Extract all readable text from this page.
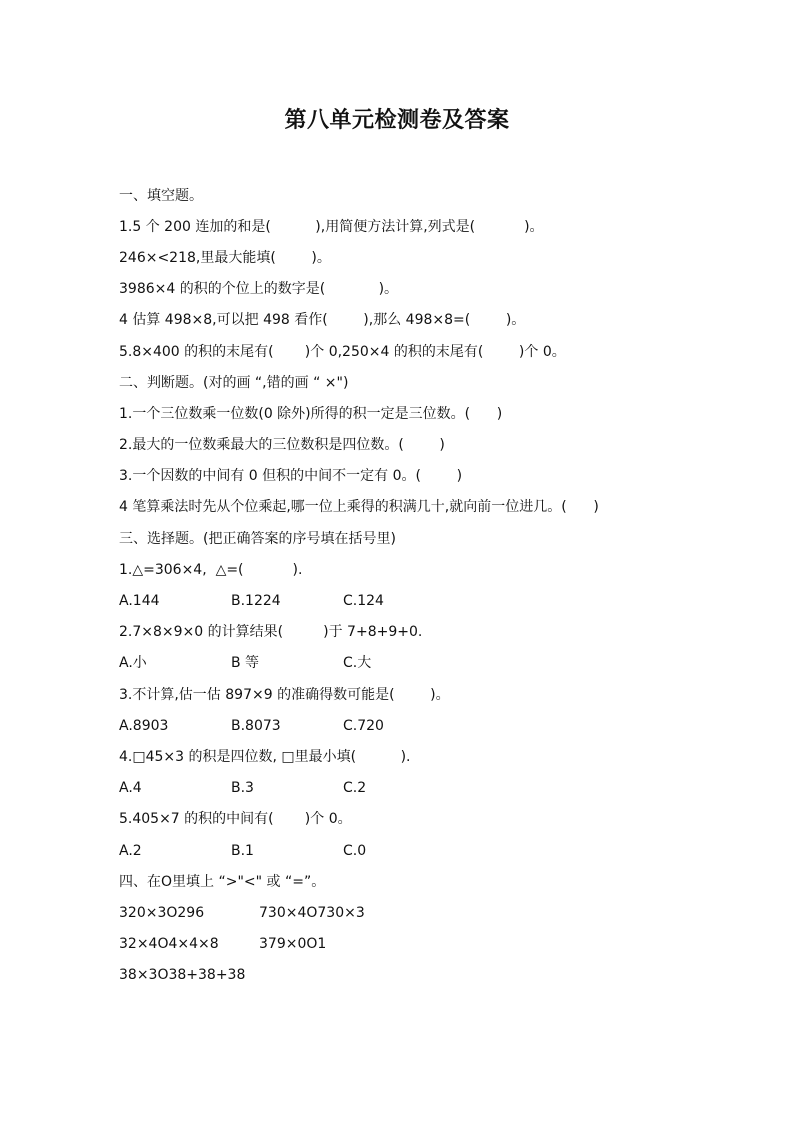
第八单元检测卷及答案
一、填空题。
1.5 个 200 连加的和是(          ),用简便方法计算,列式是(           )。
246×<218,里最大能填(        )。
3986×4 的积的个位上的数字是(            )。
4 估算 498×8,可以把 498 看作(        ),那么 498×8=(        )。
5.8×400 的积的末尾有(       )个 0,250×4 的积的末尾有(        )个 0。
二、判断题。(对的画 “,错的画 “ ×")
1.一个三位数乘一位数(0 除外)所得的积一定是三位数。(      )
2.最大的一位数乘最大的三位数积是四位数。(        )
3.一个因数的中间有 0 但积的中间不一定有 0。(        )
4 笔算乘法时先从个位乘起,哪一位上乘得的积满几十,就向前一位进几。(      )
三、选择题。(把正确答案的序号填在括号里)
1.△=306×4,  △=(           ).
A.144	B.1224	C.124
2.7×8×9×0 的计算结果(         )于 7+8+9+0.
A.小	B 等	C.大
3.不计算,估一估 897×9 的准确得数可能是(        )。
A.8903	B.8073	C.720
4.□45×3 的积是四位数, □里最小填(          ).
A.4	B.3	C.2
5.405×7 的积的中间有(       )个 0。
A.2	B.1	C.0
四、在O里填上 “>"<" 或 “=”。
320×3O296	730×4O730×3
32×4O4×4×8	379×0O1
38×3O38+38+38
